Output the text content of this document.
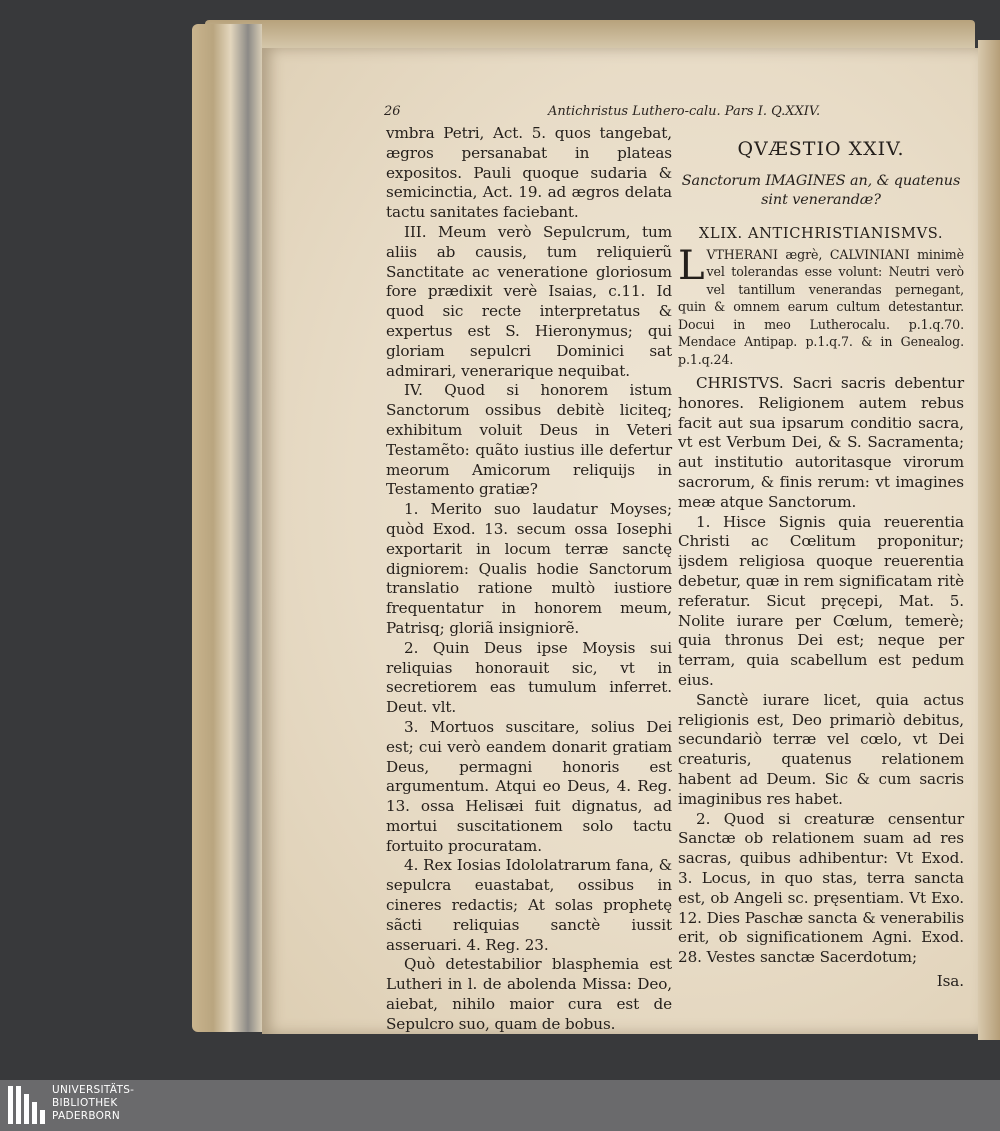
26	Antichristus Luthero-calu. Pars I. Q.XXIV.

vmbra Petri, Act. 5. quos tangebat, ægros persanabat in plateas expositos. Pauli quoque sudaria & semicinctia, Act. 19. ad ægros delata tactu sanitates faciebant.

III. Meum verò Sepulcrum, tum aliis ab causis, tum reliquierũ Sanctitate ac veneratione gloriosum fore prædixit verè Isaias, c.11. Id quod sic recte interpretatus & expertus est S. Hieronymus; qui gloriam sepulcri Dominici sat admirari, venerarique nequibat.

IV. Quod si honorem istum Sanctorum ossibus debitè liciteq; exhibitum voluit Deus in Veteri Testamẽto: quãto iustius ille defertur meorum Amicorum reliquijs in Testamento gratiæ?

1. Merito suo laudatur Moyses; quòd Exod. 13. secum ossa Iosephi exportarit in locum terræ sanctę digniorem: Qualis hodie Sanctorum translatio ratione multò iustiore frequentatur in honorem meum, Patrisq; gloriã insigniorẽ.

2. Quin Deus ipse Moysis sui reliquias honorauit sic, vt in secretiorem eas tumulum inferret. Deut. vlt.

3. Mortuos suscitare, solius Dei est; cui verò eandem donarit gratiam Deus, permagni honoris est argumentum. Atqui eo Deus, 4. Reg. 13. ossa Helisæi fuit dignatus, ad mortui suscitationem solo tactu fortuito procuratam.

4. Rex Iosias Idololatrarum fana, & sepulcra euastabat, ossibus in cineres redactis; At solas prophetę sãcti reliquias sanctè iussit asseruari. 4. Reg. 23.

Quò detestabilior blasphemia est Lutheri in l. de abolenda Missa: Deo, aiebat, nihilo maior cura est de Sepulcro suo, quam de bobus.

QVÆSTIO XXIV.

Sanctorum IMAGINES an, & quatenus sint venerandæ?

XLIX. ANTICHRISTIANISMVS.

LVTHERANI ægrè, CALVINIANI minimè vel tolerandas esse volunt: Neutri verò vel tantillum venerandas pernegant, quin & omnem earum cultum detestantur. Docui in meo Lutherocalu. p.1.q.70. Mendace Antipap. p.1.q.7. & in Genealog. p.1.q.24.

CHRISTVS. Sacri sacris debentur honores. Religionem autem rebus facit aut sua ipsarum conditio sacra, vt est Verbum Dei, & S. Sacramenta; aut institutio autoritasque virorum sacrorum, & finis rerum: vt imagines meæ atque Sanctorum.

1. Hisce Signis quia reuerentia Christi ac Cœlitum proponitur; ijsdem religiosa quoque reuerentia debetur, quæ in rem significatam ritè referatur. Sicut pręcepi, Mat. 5. Nolite iurare per Cœlum, temerè; quia thronus Dei est; neque per terram, quia scabellum est pedum eius.

Sanctè iurare licet, quia actus religionis est, Deo primariò debitus, secundariò terræ vel cœlo, vt Dei creaturis, quatenus relationem habent ad Deum. Sic & cum sacris imaginibus res habet.

2. Quod si creaturæ censentur Sanctæ ob relationem suam ad res sacras, quibus adhibentur: Vt Exod. 3. Locus, in quo stas, terra sancta est, ob Angeli sc. pręsentiam. Vt Exo. 12. Dies Paschæ sancta & venerabilis erit, ob significationem Agni. Exod. 28. Vestes sanctæ Sacerdotum;

Isa.

UNIVERSITÄTS-
BIBLIOTHEK
PADERBORN
